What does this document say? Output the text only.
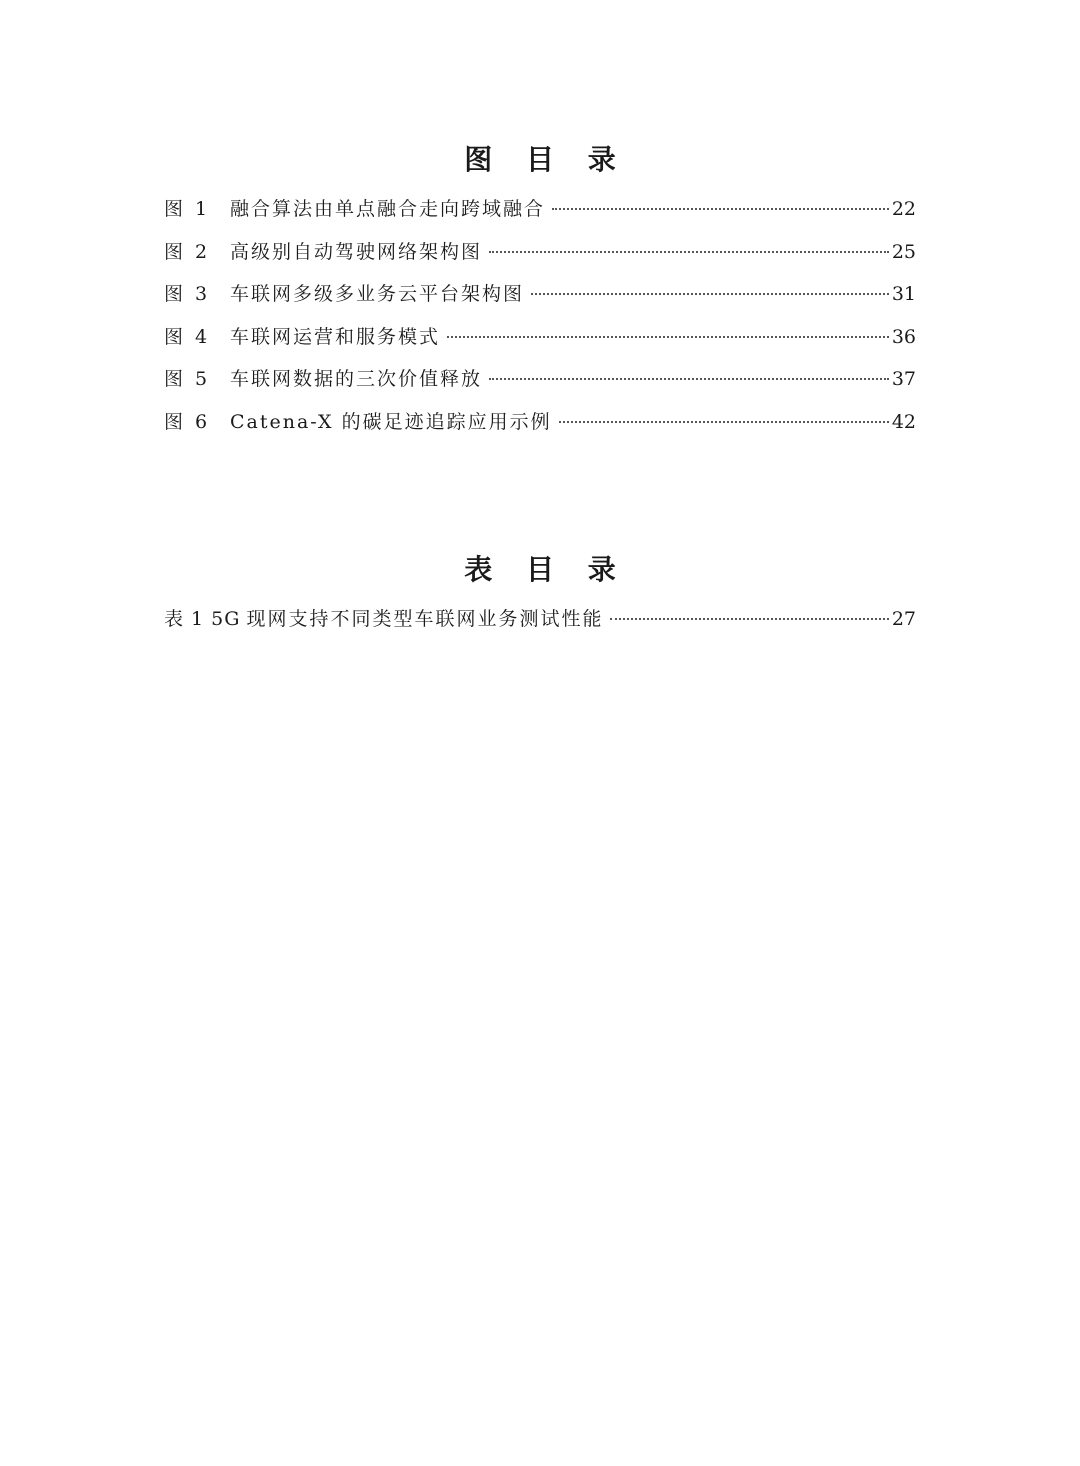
图 目 录
图 1	融合算法由单点融合走向跨域融合	22
图 2	高级别自动驾驶网络架构图	25
图 3	车联网多级多业务云平台架构图	31
图 4	车联网运营和服务模式	36
图 5	车联网数据的三次价值释放	37
图 6	Catena-X 的碳足迹追踪应用示例	42
表 目 录
表 1 5G 现网支持不同类型车联网业务测试性能	27
